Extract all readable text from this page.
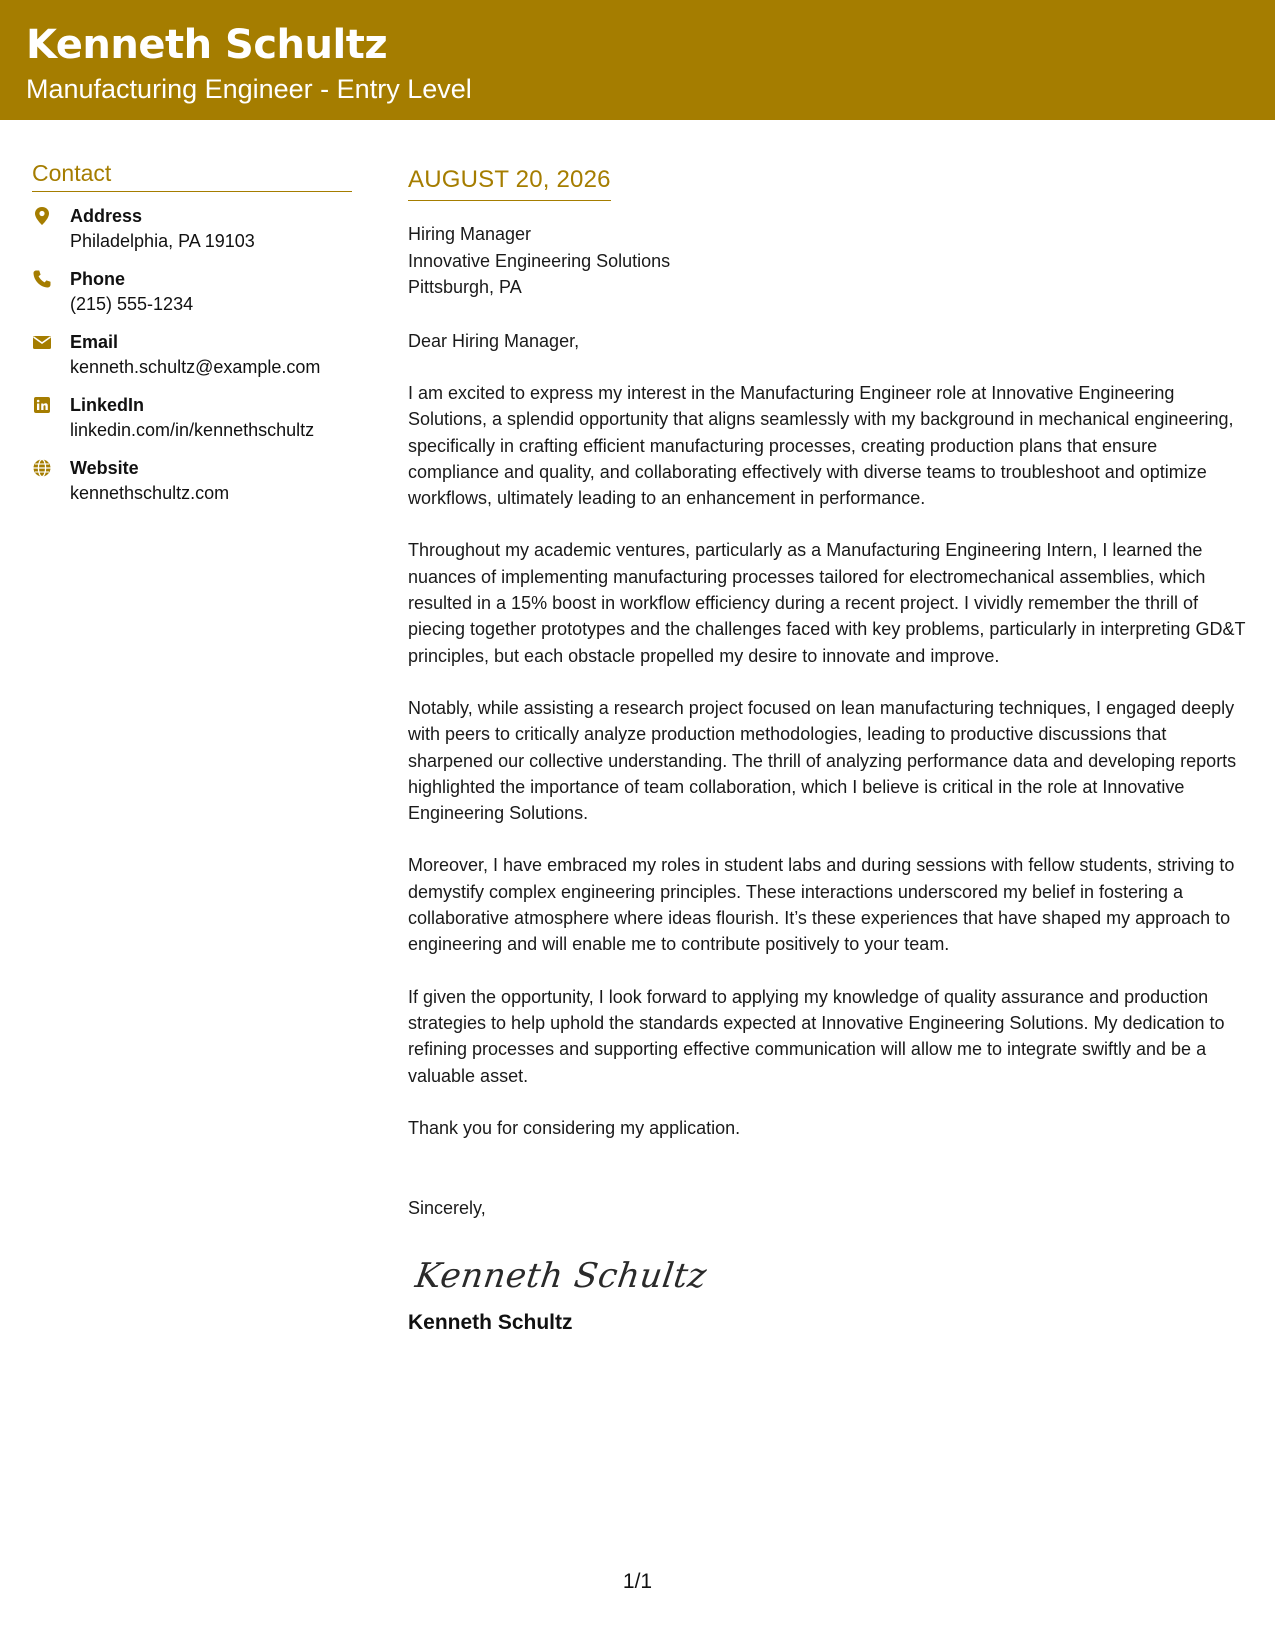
Kenneth Schultz
Manufacturing Engineer - Entry Level
Contact
Address
Philadelphia, PA 19103
Phone
(215) 555-1234
Email
kenneth.schultz@example.com
LinkedIn
linkedin.com/in/kennethschultz
Website
kennethschultz.com
AUGUST 20, 2026
Hiring Manager
Innovative Engineering Solutions
Pittsburgh, PA
Dear Hiring Manager,
I am excited to express my interest in the Manufacturing Engineer role at Innovative Engineering Solutions, a splendid opportunity that aligns seamlessly with my background in mechanical engineering, specifically in crafting efficient manufacturing processes, creating production plans that ensure compliance and quality, and collaborating effectively with diverse teams to troubleshoot and optimize workflows, ultimately leading to an enhancement in performance.
Throughout my academic ventures, particularly as a Manufacturing Engineering Intern, I learned the nuances of implementing manufacturing processes tailored for electromechanical assemblies, which resulted in a 15% boost in workflow efficiency during a recent project. I vividly remember the thrill of piecing together prototypes and the challenges faced with key problems, particularly in interpreting GD&T principles, but each obstacle propelled my desire to innovate and improve.
Notably, while assisting a research project focused on lean manufacturing techniques, I engaged deeply with peers to critically analyze production methodologies, leading to productive discussions that sharpened our collective understanding. The thrill of analyzing performance data and developing reports highlighted the importance of team collaboration, which I believe is critical in the role at Innovative Engineering Solutions.
Moreover, I have embraced my roles in student labs and during sessions with fellow students, striving to demystify complex engineering principles. These interactions underscored my belief in fostering a collaborative atmosphere where ideas flourish. It’s these experiences that have shaped my approach to engineering and will enable me to contribute positively to your team.
If given the opportunity, I look forward to applying my knowledge of quality assurance and production strategies to help uphold the standards expected at Innovative Engineering Solutions. My dedication to refining processes and supporting effective communication will allow me to integrate swiftly and be a valuable asset.
Thank you for considering my application.
Sincerely,
Kenneth Schultz
Kenneth Schultz
1/1
